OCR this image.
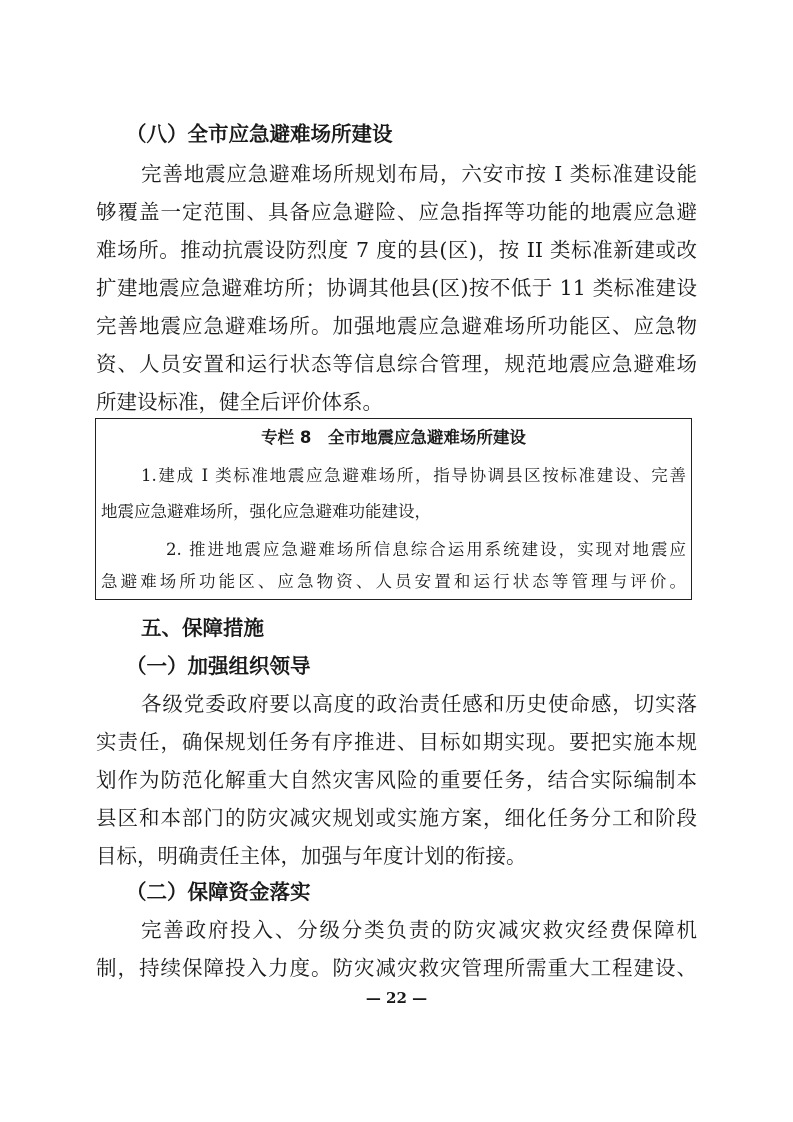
（八）全市应急避难场所建设
完善地震应急避难场所规划布局，六安市按 I 类标准建设能
够覆盖一定范围、具备应急避险、应急指挥等功能的地震应急避
难场所。推动抗震设防烈度 7 度的县(区)，按 II 类标准新建或改
扩建地震应急避难坊所；协调其他县(区)按不低于 11 类标准建设
完善地震应急避难场所。加强地震应急避难场所功能区、应急物
资、人员安置和运行状态等信息综合管理，规范地震应急避难场
所建设标准，健全后评价体系。
专栏 8　全市地震应急避难场所建设
1.建成 I 类标准地震应急避难场所，指导协调县区按标准建设、完善
地震应急避难场所，强化应急避难功能建设，
2. 推进地震应急避难场所信息综合运用系统建设，实现对地震应
急避难场所功能区、应急物资、人员安置和运行状态等管理与评价。
五、保障措施
（一）加强组织领导
各级党委政府要以高度的政治责任感和历史使命感，切实落
实责任，确保规划任务有序推进、目标如期实现。要把实施本规
划作为防范化解重大自然灾害风险的重要任务，结合实际编制本
县区和本部门的防灾减灾规划或实施方案，细化任务分工和阶段
目标，明确责任主体，加强与年度计划的衔接。
（二）保障资金落实
完善政府投入、分级分类负责的防灾减灾救灾经费保障机
制，持续保障投入力度。防灾减灾救灾管理所需重大工程建设、
— 22 —
